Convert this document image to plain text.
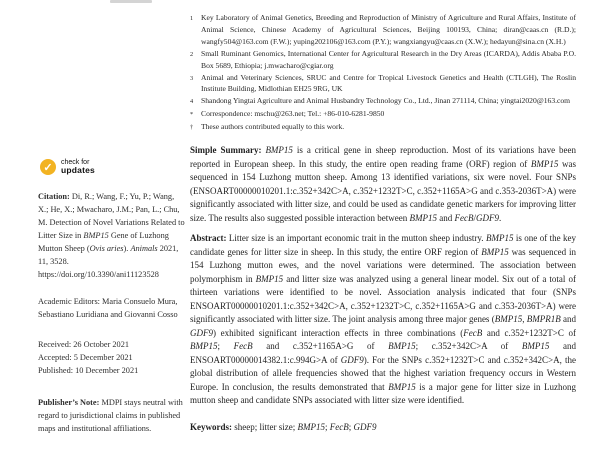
✓	check for
updates

Citation: Di, R.; Wang, F.; Yu, P.; Wang, X.; He, X.; Mwacharo, J.M.; Pan, L.; Chu, M. Detection of Novel Variations Related to Litter Size in BMP15 Gene of Luzhong Mutton Sheep (Ovis aries). Animals 2021, 11, 3528. https://doi.org/10.3390/ani11123528

Academic Editors: Maria Consuelo Mura, Sebastiano Luridiana and Giovanni Cosso

Received: 26 October 2021
Accepted: 5 December 2021
Published: 10 December 2021

Publisher’s Note: MDPI stays neutral with regard to jurisdictional claims in published maps and institutional affiliations.

1	Key Laboratory of Animal Genetics, Breeding and Reproduction of Ministry of Agriculture and Rural Affairs, Institute of Animal Science, Chinese Academy of Agricultural Sciences, Beijing 100193, China; diran@caas.cn (R.D.); wangfy504@163.com (F.W.); yuping202106@163.com (P.Y.); wangxiangyu@caas.cn (X.W.); hedayun@sina.cn (X.H.)
2	Small Ruminant Genomics, International Center for Agricultural Research in the Dry Areas (ICARDA), Addis Ababa P.O. Box 5689, Ethiopia; j.mwacharo@cgiar.org
3	Animal and Veterinary Sciences, SRUC and Centre for Tropical Livestock Genetics and Health (CTLGH), The Roslin Institute Building, Midlothian EH25 9RG, UK
4	Shandong Yingtai Agriculture and Animal Husbandry Technology Co., Ltd., Jinan 271114, China; yingtai2020@163.com
*	Correspondence: mschu@263.net; Tel.: +86-010-6281-9850
†	These authors contributed equally to this work.

Simple Summary: BMP15 is a critical gene in sheep reproduction. Most of its variations have been reported in European sheep. In this study, the entire open reading frame (ORF) region of BMP15 was sequenced in 154 Luzhong mutton sheep. Among 13 identified variations, six were novel. Four SNPs (ENSOART00000010201.1:c.352+342C>A, c.352+1232T>C, c.352+1165A>G and c.353-2036T>A) were significantly associated with litter size, and could be used as candidate genetic markers for improving litter size. The results also suggested possible interaction between BMP15 and FecB/GDF9.

Abstract: Litter size is an important economic trait in the mutton sheep industry. BMP15 is one of the key candidate genes for litter size in sheep. In this study, the entire ORF region of BMP15 was sequenced in 154 Luzhong mutton ewes, and the novel variations were determined. The association between polymorphism in BMP15 and litter size was analyzed using a general linear model. Six out of a total of thirteen variations were identified to be novel. Association analysis indicated that four (SNPs ENSOART00000010201.1:c.352+342C>A, c.352+1232T>C, c.352+1165A>G and c.353-2036T>A) were significantly associated with litter size. The joint analysis among three major genes (BMP15, BMPR1B and GDF9) exhibited significant interaction effects in three combinations (FecB and c.352+1232T>C of BMP15; FecB and c.352+1165A>G of BMP15; c.352+342C>A of BMP15 and ENSOART00000014382.1:c.994G>A of GDF9). For the SNPs c.352+1232T>C and c.352+342C>A, the global distribution of allele frequencies showed that the highest variation frequency occurs in Western Europe. In conclusion, the results demonstrated that BMP15 is a major gene for litter size in Luzhong mutton sheep and candidate SNPs associated with litter size were identified.

Keywords: sheep; litter size; BMP15; FecB; GDF9
